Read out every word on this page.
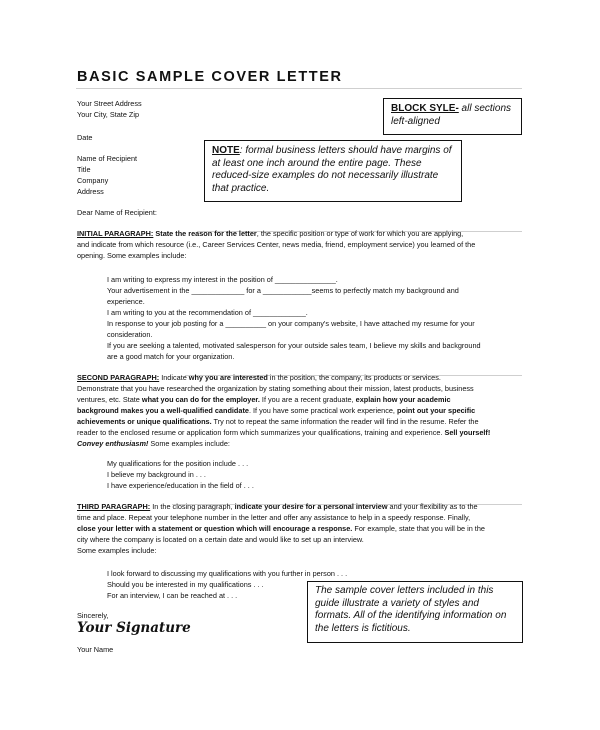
BASIC SAMPLE COVER LETTER
Your Street Address
Your City, State Zip
BLOCK SYLE- all sections
left-aligned
Date
Name of Recipient
Title
Company
Address
NOTE: formal business letters should have margins of
at least one inch around the entire page. These
reduced-size examples do not necessarily illustrate
that practice.
Dear Name of Recipient:
INITIAL PARAGRAPH: State the reason for the letter, the specific position or type of work for which you are applying,
and indicate from which resource (i.e., Career Services Center, news media, friend, employment service) you learned of the
opening. Some examples include:
I am writing to express my interest in the position of _______________.
Your advertisement in the _____________ for a ____________seems to perfectly match my background and
experience.
I am writing to you at the recommendation of _____________.
In response to your job posting for a __________ on your company's website, I have attached my resume for your
consideration.
If you are seeking a talented, motivated salesperson for your outside sales team, I believe my skills and background
are a good match for your organization.
SECOND PARAGRAPH: Indicate why you are interested in the position, the company, its products or services.
Demonstrate that you have researched the organization by stating something about their mission, latest products, business
ventures, etc. State what you can do for the employer. If you are a recent graduate, explain how your academic
background makes you a well-qualified candidate. If you have some practical work experience, point out your specific
achievements or unique qualifications. Try not to repeat the same information the reader will find in the resume. Refer the
reader to the enclosed resume or application form which summarizes your qualifications, training and experience. Sell yourself!
Convey enthusiasm! Some examples include:
My qualifications for the position include . . .
I believe my background in . . .
I have experience/education in the field of . . .
THIRD PARAGRAPH: In the closing paragraph, indicate your desire for a personal interview and your flexibility as to the
time and place. Repeat your telephone number in the letter and offer any assistance to help in a speedy response. Finally,
close your letter with a statement or question which will encourage a response. For example, state that you will be in the
city where the company is located on a certain date and would like to set up an interview.
Some examples include:
I look forward to discussing my qualifications with you further in person . . .
Should you be interested in my qualifications . . .
For an interview, I can be reached at . . .	The sample cover letters included in this
guide illustrate a variety of styles and
formats. All of the identifying information on
the letters is fictitious.
Sincerely,
Your Signature
Your Name
